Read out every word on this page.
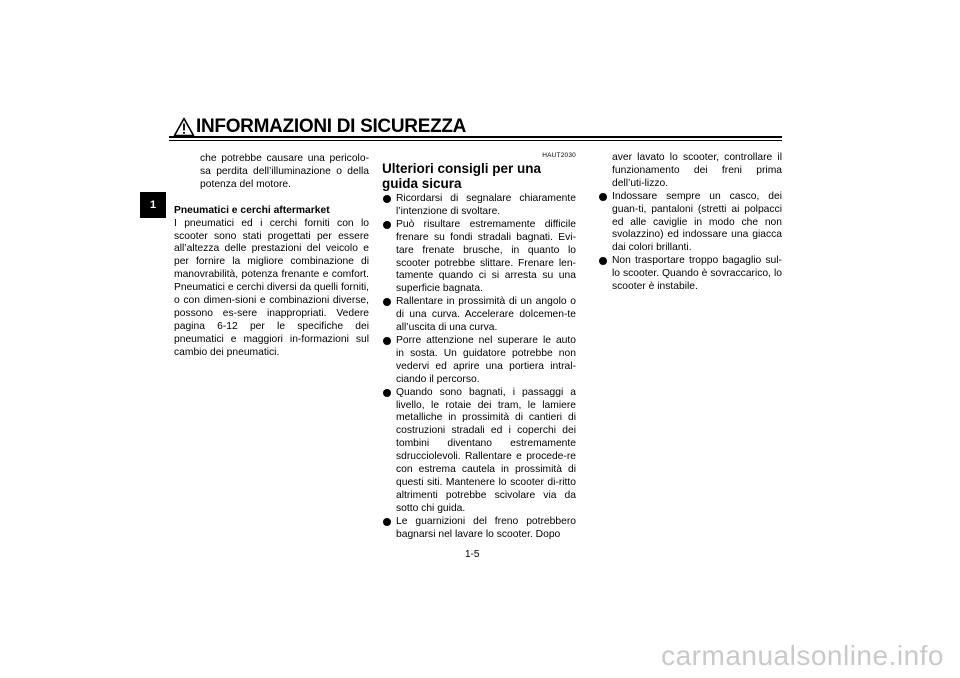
INFORMAZIONI DI SICUREZZA
1

che potrebbe causare una pericolo-sa perdita dell’illuminazione o della potenza del motore.

Pneumatici e cerchi aftermarket

I pneumatici ed i cerchi forniti con lo scooter sono stati progettati per essere all’altezza delle prestazioni del veicolo e per fornire la migliore combinazione di manovrabilità, potenza frenante e comfort. Pneumatici e cerchi diversi da quelli forniti, o con dimen-sioni e combinazioni diverse, possono es-sere inappropriati. Vedere pagina 6-12 per le specifiche dei pneumatici e maggiori in-formazioni sul cambio dei pneumatici.

HAUT2030

Ulteriori consigli per una guida sicura

Ricordarsi di segnalare chiaramente l’intenzione di svoltare.
Può risultare estremamente difficile frenare su fondi stradali bagnati. Evi-tare frenate brusche, in quanto lo scooter potrebbe slittare. Frenare len-tamente quando ci si arresta su una superficie bagnata.
Rallentare in prossimità di un angolo o di una curva. Accelerare dolcemen-te all’uscita di una curva.
Porre attenzione nel superare le auto in sosta. Un guidatore potrebbe non vedervi ed aprire una portiera intral-ciando il percorso.
Quando sono bagnati, i passaggi a livello, le rotaie dei tram, le lamiere metalliche in prossimità di cantieri di costruzioni stradali ed i coperchi dei tombini diventano estremamente sdrucciolevoli. Rallentare e procede-re con estrema cautela in prossimità di questi siti. Mantenere lo scooter di-ritto altrimenti potrebbe scivolare via da sotto chi guida.
Le guarnizioni del freno potrebbero bagnarsi nel lavare lo scooter. Dopo

aver lavato lo scooter, controllare il funzionamento dei freni prima dell’uti-lizzo.

Indossare sempre un casco, dei guan-ti, pantaloni (stretti ai polpacci ed alle caviglie in modo che non svolazzino) ed indossare una giacca dai colori brillanti.
Non trasportare troppo bagaglio sul-lo scooter. Quando è sovraccarico, lo scooter è instabile.
1-5
carmanualsonline.info
